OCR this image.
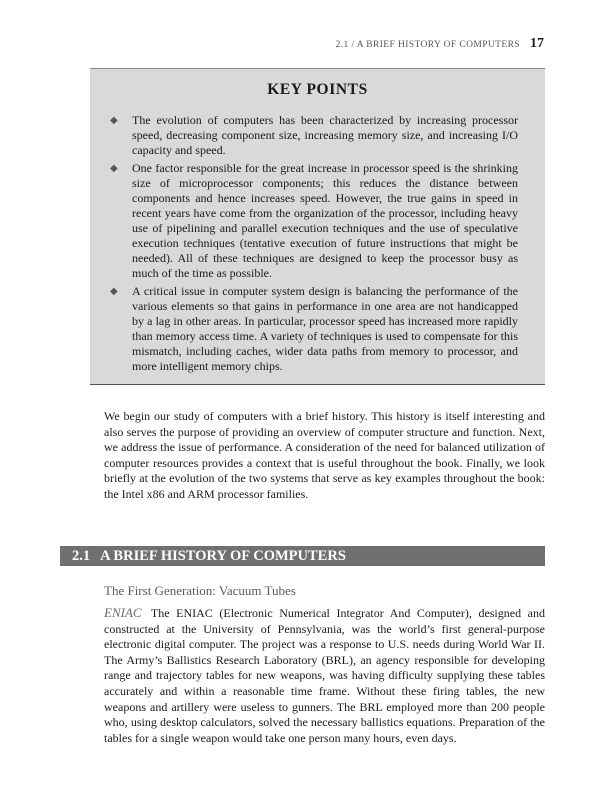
2.1 / A BRIEF HISTORY OF COMPUTERS 17
KEY POINTS
◆ The evolution of computers has been characterized by increasing processor speed, decreasing component size, increasing memory size, and increasing I/O capacity and speed.
◆ One factor responsible for the great increase in processor speed is the shrinking size of microprocessor components; this reduces the distance between components and hence increases speed. However, the true gains in speed in recent years have come from the organization of the processor, including heavy use of pipelining and parallel execution techniques and the use of speculative execution techniques (tentative execution of future instructions that might be needed). All of these techniques are designed to keep the processor busy as much of the time as possible.
◆ A critical issue in computer system design is balancing the performance of the various elements so that gains in performance in one area are not handicapped by a lag in other areas. In particular, processor speed has increased more rapidly than memory access time. A variety of techniques is used to compensate for this mismatch, including caches, wider data paths from memory to processor, and more intelligent memory chips.

We begin our study of computers with a brief history. This history is itself interesting and also serves the purpose of providing an overview of computer structure and function. Next, we address the issue of performance. A consideration of the need for balanced utilization of computer resources provides a context that is useful throughout the book. Finally, we look briefly at the evolution of the two systems that serve as key examples throughout the book: the Intel x86 and ARM processor families.

2.1 A BRIEF HISTORY OF COMPUTERS
The First Generation: Vacuum Tubes

ENIAC The ENIAC (Electronic Numerical Integrator And Computer), designed and constructed at the University of Pennsylvania, was the world’s first general-purpose electronic digital computer. The project was a response to U.S. needs during World War II. The Army’s Ballistics Research Laboratory (BRL), an agency responsible for developing range and trajectory tables for new weapons, was having difficulty supplying these tables accurately and within a reasonable time frame. Without these firing tables, the new weapons and artillery were useless to gunners. The BRL employed more than 200 people who, using desktop calculators, solved the necessary ballistics equations. Preparation of the tables for a single weapon would take one person many hours, even days.
